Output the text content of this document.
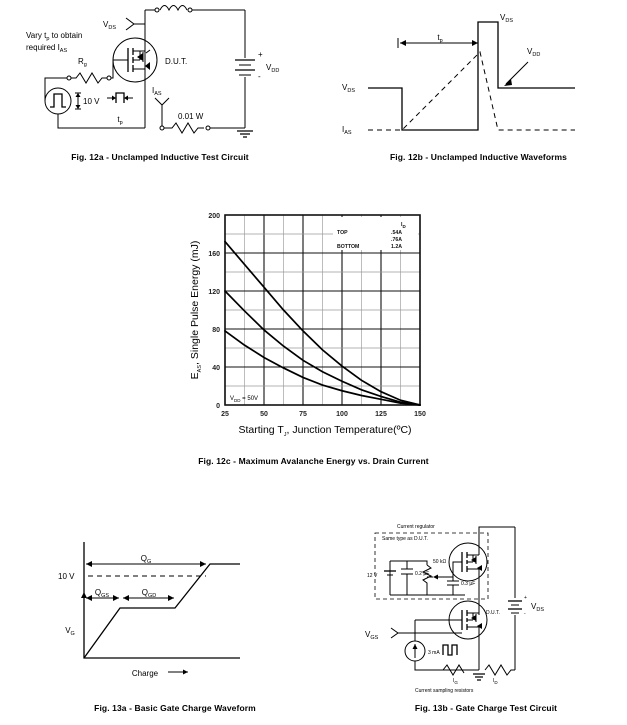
Vary $t_p$ to obtain
required $I_{AS}$
$V_{DS}$
D.U.T.
$R_g$
10 V
$t_p$
$I_{AS}$
0.01 W
+
-
$V_{DD}$
Fig. 12a - Unclamped Inductive Test Circuit
$V_{DS}$
$V_{DD}$
$V_{DS}$
$I_{AS}$
$t_p$
Fig. 12b - Unclamped Inductive Waveforms
25	50	75	100	125	150
0
40
80
120
160
200
$E_{AS}$, Single Pulse Energy (mJ)
Starting $T_J$, Junction Temperature(ºC)
$V_{DD} = 50V$
ID
TOP	.54A
.76A
BOTTOM	1.2A
Fig. 12c - Maximum Avalanche Energy vs. Drain Current
10 V
$Q_G$
$Q_{GS}$	$Q_{GD}$
$V_G$
Charge
Fig. 13a - Basic Gate Charge Waveform
Current regulator
Same type as D.U.T.
12 V	0.2 µF
50 kΩ
0.3 µF
D.U.T.
+
-
$V_{DS}$
$V_{GS}$
3 mA
IG	ID
Current sampling resistors
Fig. 13b - Gate Charge Test Circuit
